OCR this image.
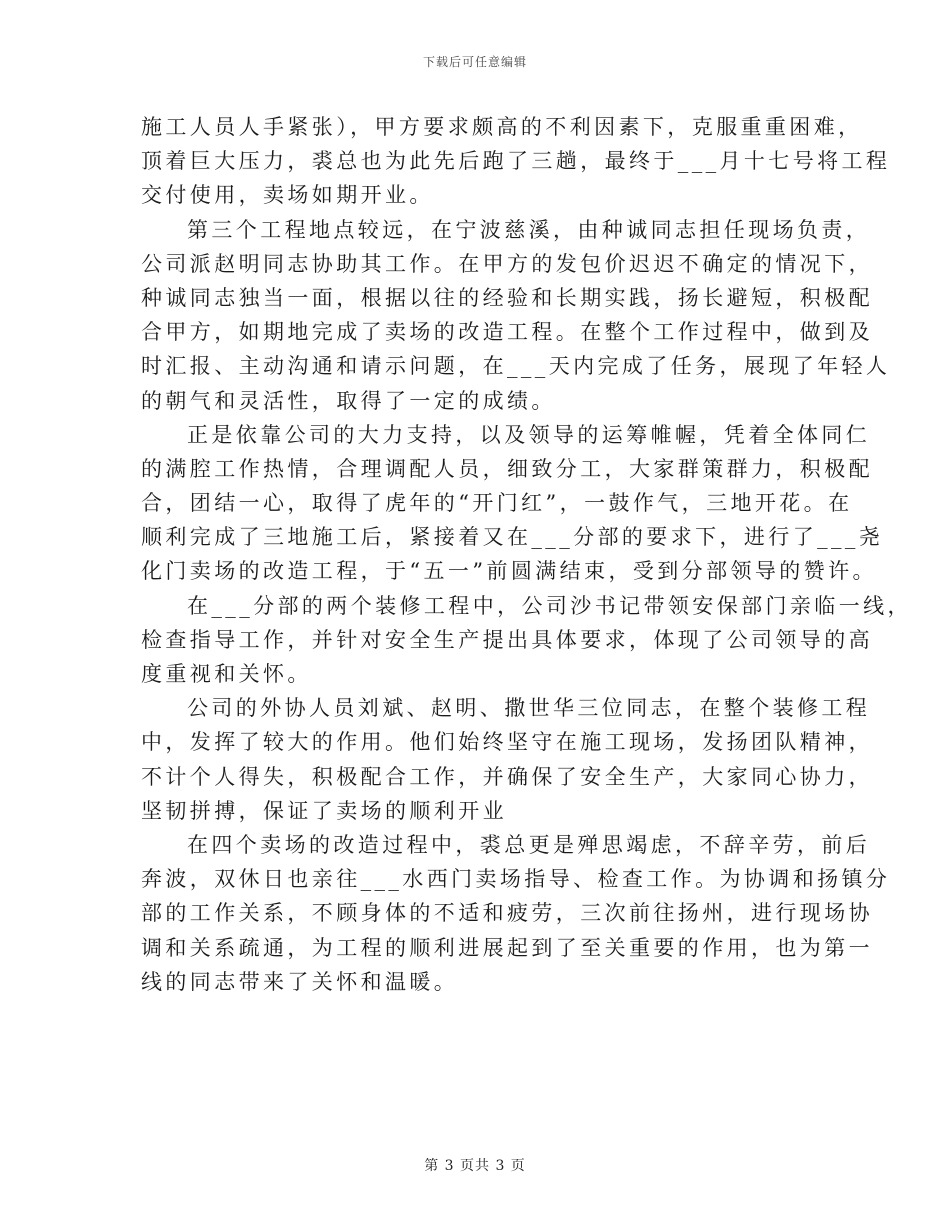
下载后可任意编辑
施工人员人手紧张），甲方要求颇高的不利因素下，克服重重困难，
顶着巨大压力，裘总也为此先后跑了三趟，最终于___月十七号将工程
交付使用，卖场如期开业。
第三个工程地点较远，在宁波慈溪，由种诚同志担任现场负责，
公司派赵明同志协助其工作。在甲方的发包价迟迟不确定的情况下，
种诚同志独当一面，根据以往的经验和长期实践，扬长避短，积极配
合甲方，如期地完成了卖场的改造工程。在整个工作过程中，做到及
时汇报、主动沟通和请示问题，在___天内完成了任务，展现了年轻人
的朝气和灵活性，取得了一定的成绩。
正是依靠公司的大力支持，以及领导的运筹帷幄，凭着全体同仁
的满腔工作热情，合理调配人员，细致分工，大家群策群力，积极配
合，团结一心，取得了虎年的“开门红”，一鼓作气，三地开花。在
顺利完成了三地施工后，紧接着又在___分部的要求下，进行了___尧
化门卖场的改造工程，于“五一”前圆满结束，受到分部领导的赞许。
在___分部的两个装修工程中，公司沙书记带领安保部门亲临一线，
检查指导工作，并针对安全生产提出具体要求，体现了公司领导的高
度重视和关怀。
公司的外协人员刘斌、赵明、撒世华三位同志，在整个装修工程
中，发挥了较大的作用。他们始终坚守在施工现场，发扬团队精神，
不计个人得失，积极配合工作，并确保了安全生产，大家同心协力，
坚韧拼搏，保证了卖场的顺利开业
在四个卖场的改造过程中，裘总更是殚思竭虑，不辞辛劳，前后
奔波，双休日也亲往___水西门卖场指导、检查工作。为协调和扬镇分
部的工作关系，不顾身体的不适和疲劳，三次前往扬州，进行现场协
调和关系疏通，为工程的顺利进展起到了至关重要的作用，也为第一
线的同志带来了关怀和温暖。
第 3 页共 3 页
